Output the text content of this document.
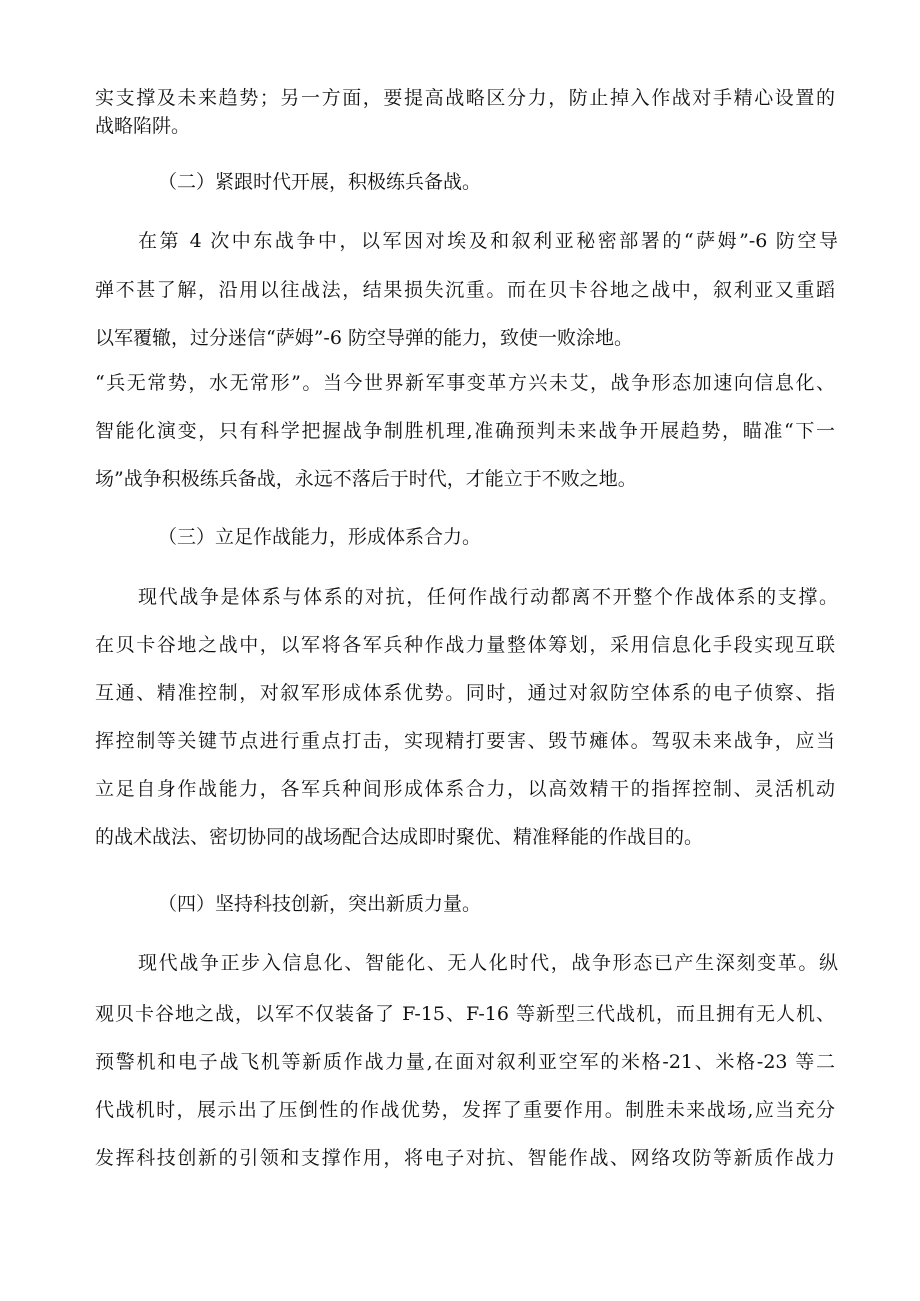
实支撑及未来趋势；另一方面，要提高战略区分力，防止掉入作战对手精心设置的
战略陷阱。
（二）紧跟时代开展，积极练兵备战。
在第 4 次中东战争中，以军因对埃及和叙利亚秘密部署的“萨姆”-6 防空导
弹不甚了解，沿用以往战法，结果损失沉重。而在贝卡谷地之战中，叙利亚又重蹈
以军覆辙，过分迷信“萨姆”-6 防空导弹的能力，致使一败涂地。
“兵无常势，水无常形”。当今世界新军事变革方兴未艾，战争形态加速向信息化、
智能化演变，只有科学把握战争制胜机理,准确预判未来战争开展趋势，瞄准“下一
场”战争积极练兵备战，永远不落后于时代，才能立于不败之地。
（三）立足作战能力，形成体系合力。
现代战争是体系与体系的对抗，任何作战行动都离不开整个作战体系的支撑。
在贝卡谷地之战中，以军将各军兵种作战力量整体筹划，采用信息化手段实现互联
互通、精准控制，对叙军形成体系优势。同时，通过对叙防空体系的电子侦察、指
挥控制等关键节点进行重点打击，实现精打要害、毁节瘫体。驾驭未来战争，应当
立足自身作战能力，各军兵种间形成体系合力，以高效精干的指挥控制、灵活机动
的战术战法、密切协同的战场配合达成即时聚优、精准释能的作战目的。
（四）坚持科技创新，突出新质力量。
现代战争正步入信息化、智能化、无人化时代，战争形态已产生深刻变革。纵
观贝卡谷地之战，以军不仅装备了 F-15、F-16 等新型三代战机，而且拥有无人机、
预警机和电子战飞机等新质作战力量,在面对叙利亚空军的米格-21、米格-23 等二
代战机时，展示出了压倒性的作战优势，发挥了重要作用。制胜未来战场,应当充分
发挥科技创新的引领和支撑作用，将电子对抗、智能作战、网络攻防等新质作战力
